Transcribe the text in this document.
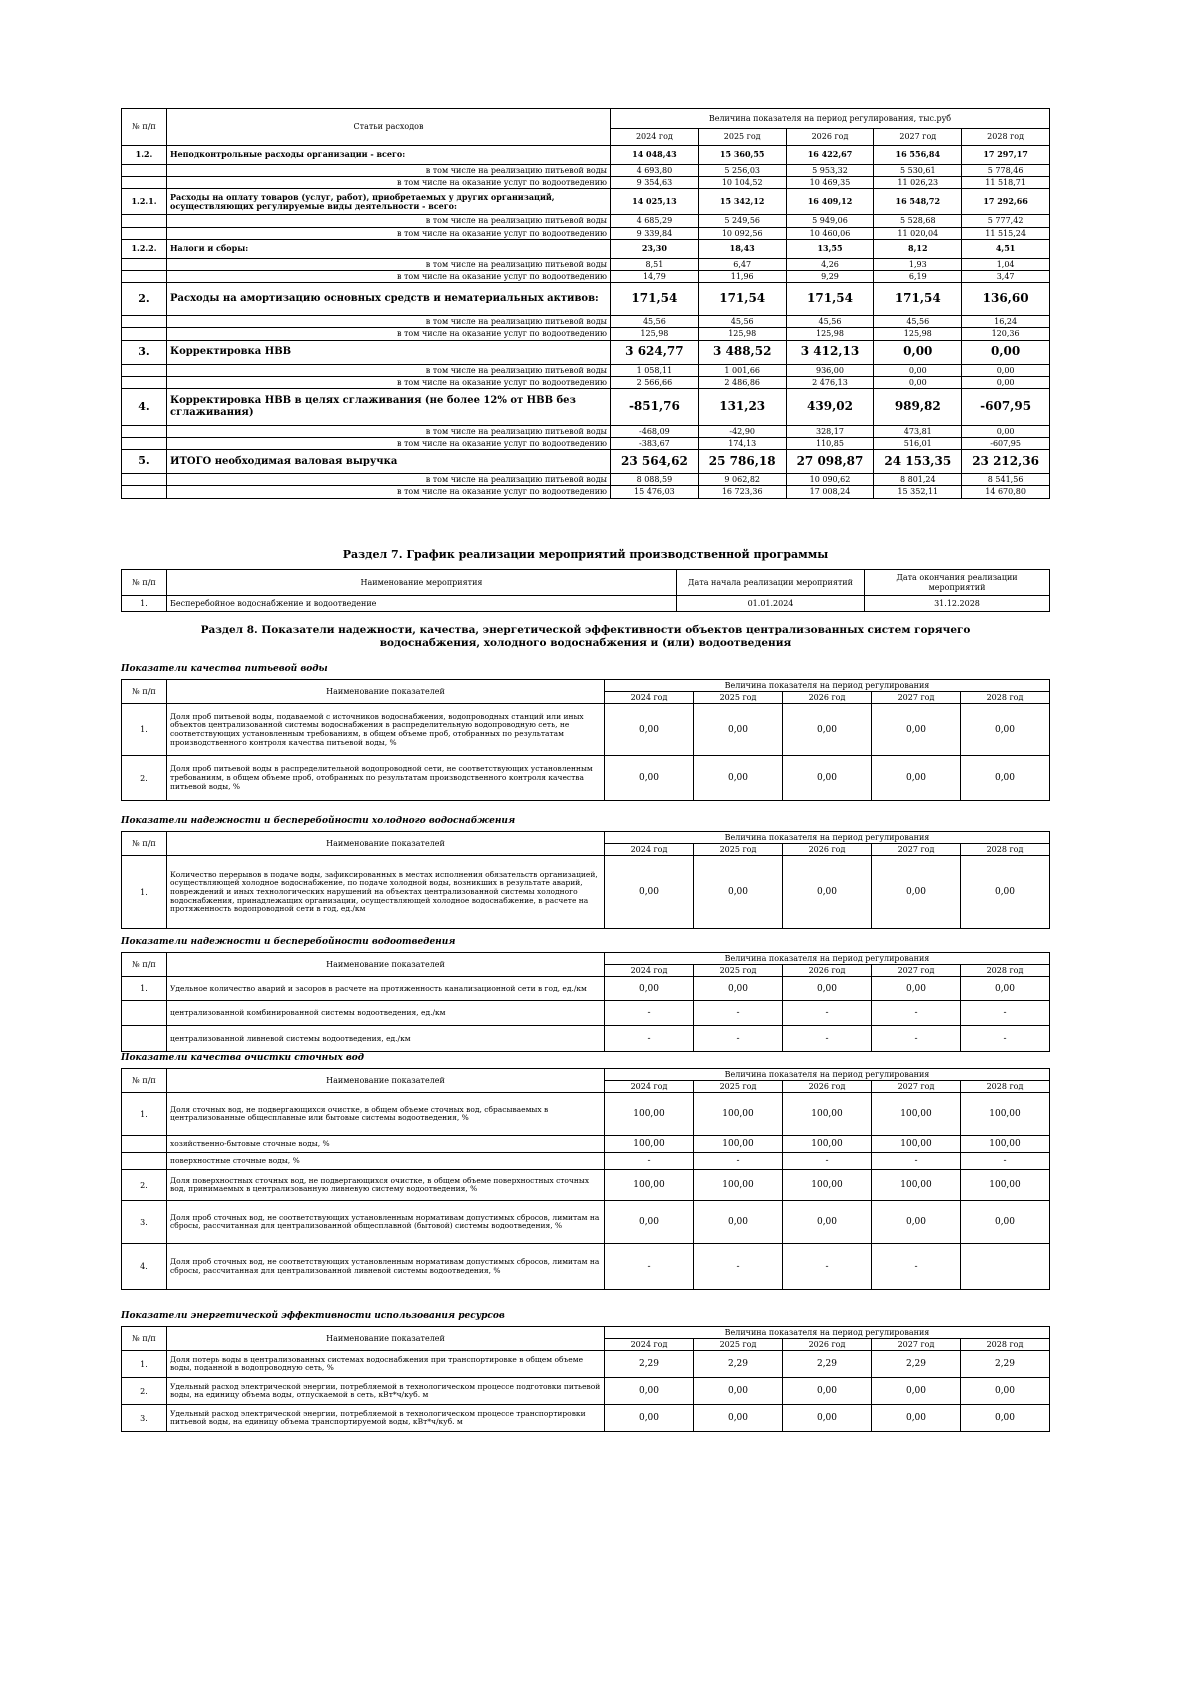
№ п/п	Статьи расходов	Величина показателя на период регулирования, тыс.руб				
		2024 год	2025 год	2026 год	2027 год	2028 год
1.2.	Неподконтрольные расходы организации - всего:	14 048,43	15 360,55	16 422,67	16 556,84	17 297,17
	в том числе на реализацию питьевой воды	4 693,80	5 256,03	5 953,32	5 530,61	5 778,46
	в том числе на оказание услуг по водоотведению	9 354,63	10 104,52	10 469,35	11 026,23	11 518,71
1.2.1.	Расходы на оплату товаров (услуг, работ), приобретаемых у других организаций, осуществляющих регулируемые виды деятельности - всего:	14 025,13	15 342,12	16 409,12	16 548,72	17 292,66
	в том числе на реализацию питьевой воды	4 685,29	5 249,56	5 949,06	5 528,68	5 777,42
	в том числе на оказание услуг по водоотведению	9 339,84	10 092,56	10 460,06	11 020,04	11 515,24
1.2.2.	Налоги и сборы:	23,30	18,43	13,55	8,12	4,51
	в том числе на реализацию питьевой воды	8,51	6,47	4,26	1,93	1,04
	в том числе на оказание услуг по водоотведению	14,79	11,96	9,29	6,19	3,47
2.	Расходы на амортизацию основных средств и нематериальных активов:	171,54	171,54	171,54	171,54	136,60
	в том числе на реализацию питьевой воды	45,56	45,56	45,56	45,56	16,24
	в том числе на оказание услуг по водоотведению	125,98	125,98	125,98	125,98	120,36
3.	Корректировка НВВ	3 624,77	3 488,52	3 412,13	0,00	0,00
	в том числе на реализацию питьевой воды	1 058,11	1 001,66	936,00	0,00	0,00
	в том числе на оказание услуг по водоотведению	2 566,66	2 486,86	2 476,13	0,00	0,00
4.	Корректировка НВВ в целях сглаживания (не более 12% от НВВ без сглаживания)	-851,76	131,23	439,02	989,82	-607,95
	в том числе на реализацию питьевой воды	-468,09	-42,90	328,17	473,81	0,00
	в том числе на оказание услуг по водоотведению	-383,67	174,13	110,85	516,01	-607,95
5.	ИТОГО необходимая валовая выручка	23 564,62	25 786,18	27 098,87	24 153,35	23 212,36
	в том числе на реализацию питьевой воды	8 088,59	9 062,82	10 090,62	8 801,24	8 541,56
	в том числе на оказание услуг по водоотведению	15 476,03	16 723,36	17 008,24	15 352,11	14 670,80
Раздел 7. График реализации мероприятий производственной программы
№ п/п	Наименование мероприятия	Дата начала реализации мероприятий	Дата окончания реализации мероприятий
1.	Бесперебойное водоснабжение и водоотведение	01.01.2024	31.12.2028
Раздел 8. Показатели надежности, качества, энергетической эффективности объектов централизованных систем горячего водоснабжения, холодного водоснабжения и (или) водоотведения
Показатели качества питьевой воды
№ п/п	Наименование показателей	Величина показателя на период регулирования				
		2024 год	2025 год	2026 год	2027 год	2028 год
1.	Доля проб питьевой воды, подаваемой с источников водоснабжения, водопроводных станций или иных объектов централизованной системы водоснабжения в распределительную водопроводную сеть, не соответствующих установленным требованиям, в общем объеме проб, отобранных по результатам производственного контроля качества питьевой воды, %	0,00	0,00	0,00	0,00	0,00
2.	Доля проб питьевой воды в распределительной водопроводной сети, не соответствующих установленным требованиям, в общем объеме проб, отобранных по результатам производственного контроля качества питьевой воды, %	0,00	0,00	0,00	0,00	0,00
Показатели надежности и бесперебойности холодного водоснабжения
№ п/п	Наименование показателей	Величина показателя на период регулирования				
		2024 год	2025 год	2026 год	2027 год	2028 год
1.	Количество перерывов в подаче воды, зафиксированных в местах исполнения обязательств организацией, осуществляющей холодное водоснабжение, по подаче холодной воды, возникших в результате аварий, повреждений и иных технологических нарушений на объектах централизованной системы холодного водоснабжения, принадлежащих организации, осуществляющей холодное водоснабжение, в расчете на протяженность водопроводной сети в год, ед./км	0,00	0,00	0,00	0,00	0,00
Показатели надежности и бесперебойности водоотведения
№ п/п	Наименование показателей	Величина показателя на период регулирования				
		2024 год	2025 год	2026 год	2027 год	2028 год
1.	Удельное количество аварий и засоров в расчете на протяженность канализационной сети в год, ед./км	0,00	0,00	0,00	0,00	0,00
	централизованной комбинированной системы водоотведения, ед./км	-	-	-	-	-
	централизованной ливневой системы водоотведения, ед./км	-	-	-	-	-
Показатели качества очистки сточных вод
№ п/п	Наименование показателей	Величина показателя на период регулирования				
		2024 год	2025 год	2026 год	2027 год	2028 год
1.	Доля сточных вод, не подвергающихся очистке, в общем объеме сточных вод, сбрасываемых в централизованные общесплавные или бытовые системы водоотведения, %	100,00	100,00	100,00	100,00	100,00
	хозяйственно-бытовые сточные воды, %	100,00	100,00	100,00	100,00	100,00
	поверхностные сточные воды, %	-	-	-	-	-
2.	Доля поверхностных сточных вод, не подвергающихся очистке, в общем объеме поверхностных сточных вод, принимаемых в централизованную ливневую систему водоотведения, %	100,00	100,00	100,00	100,00	100,00
3.	Доля проб сточных вод, не соответствующих установленным нормативам допустимых сбросов, лимитам на сбросы, рассчитанная для централизованной общесплавной (бытовой) системы водоотведения, %	0,00	0,00	0,00	0,00	0,00
4.	Доля проб сточных вод, не соответствующих установленным нормативам допустимых сбросов, лимитам на сбросы, рассчитанная для централизованной ливневой системы водоотведения, %	-	-	-	-	
Показатели энергетической эффективности использования ресурсов
№ п/п	Наименование показателей	Величина показателя на период регулирования				
		2024 год	2025 год	2026 год	2027 год	2028 год
1.	Доля потерь воды в централизованных системах водоснабжения при транспортировке в общем объеме воды, поданной в водопроводную сеть, %	2,29	2,29	2,29	2,29	2,29
2.	Удельный расход электрической энергии, потребляемой в технологическом процессе подготовки питьевой воды, на единицу объема воды, отпускаемой в сеть, кВт*ч/куб. м	0,00	0,00	0,00	0,00	0,00
3.	Удельный расход электрической энергии, потребляемой в технологическом процессе транспортировки питьевой воды, на единицу объема транспортируемой воды, кВт*ч/куб. м	0,00	0,00	0,00	0,00	0,00
